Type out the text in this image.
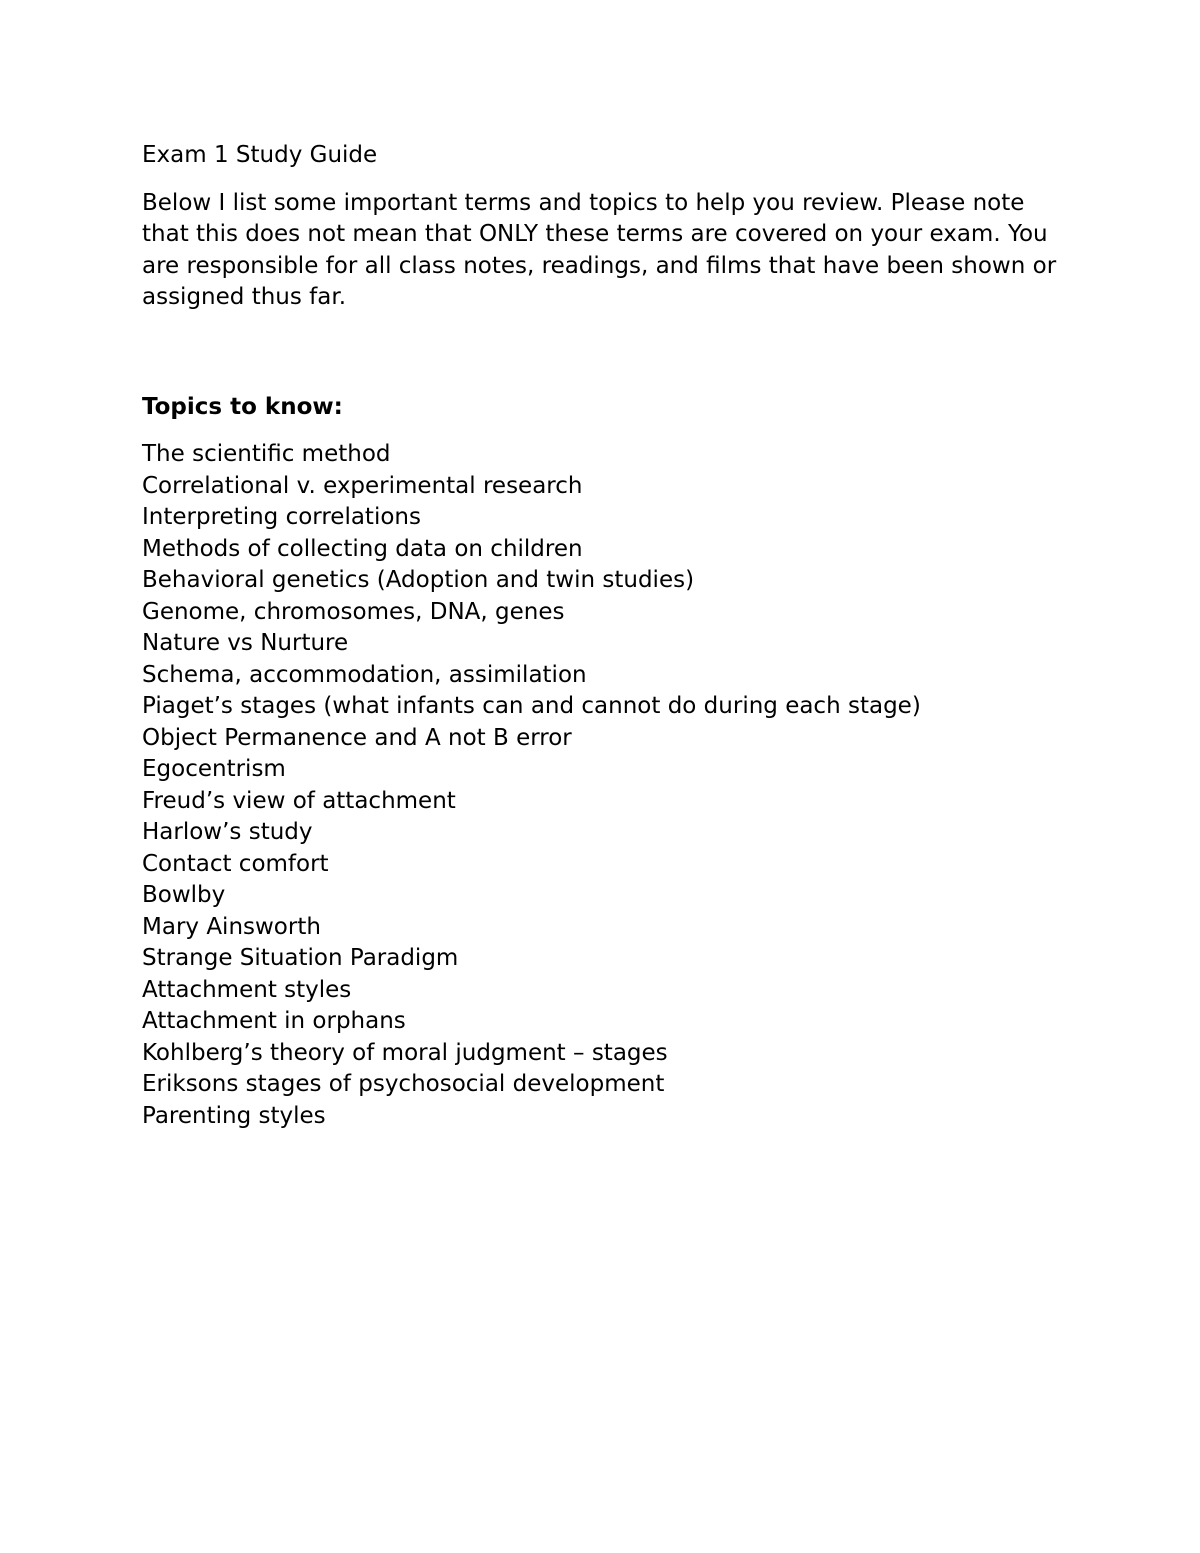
Exam 1 Study Guide

Below I list some important terms and topics to help you review. Please note that this does not mean that ONLY these terms are covered on your exam. You are responsible for all class notes, readings, and films that have been shown or assigned thus far.

Topics to know:

The scientific method
Correlational v. experimental research
Interpreting correlations
Methods of collecting data on children
Behavioral genetics (Adoption and twin studies)
Genome, chromosomes, DNA, genes
Nature vs Nurture
Schema, accommodation, assimilation
Piaget’s stages (what infants can and cannot do during each stage)
Object Permanence and A not B error
Egocentrism
Freud’s view of attachment
Harlow’s study
Contact comfort
Bowlby
Mary Ainsworth
Strange Situation Paradigm
Attachment styles
Attachment in orphans
Kohlberg’s theory of moral judgment – stages
Eriksons stages of psychosocial development
Parenting styles
